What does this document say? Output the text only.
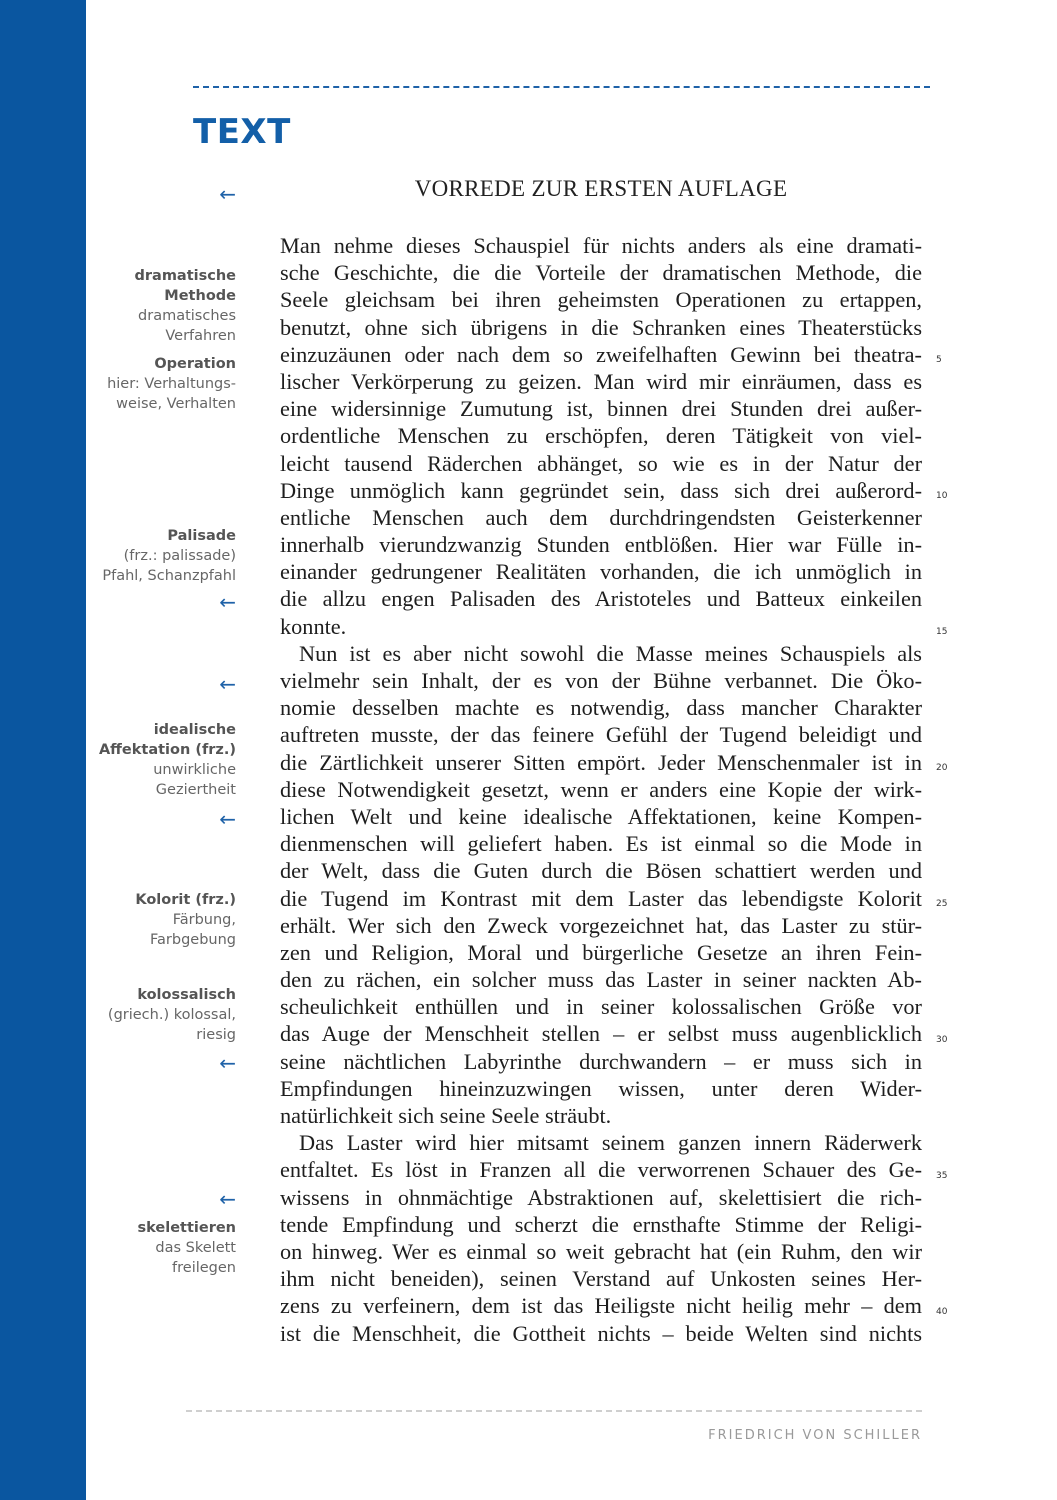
TEXT
←	VORREDE ZUR ERSTEN AUFLAGE
dramatische Methode
dramatisches
Verfahren
Operation
hier: Verhaltungs-
weise, Verhalten
Palisade
(frz.: palissade)
Pfahl, Schanzpfahl
←
←
idealische Affektation (frz.)
unwirkliche
Geziertheit
←
Kolorit (frz.)
Färbung,
Farbgebung
kolossalisch
(griech.) kolossal,
riesig
←
←
skelettieren
das Skelett
freilegen
Man nehme dieses Schauspiel für nichts anders als eine dramati-
sche Geschichte, die die Vorteile der dramatischen Methode, die
Seele gleichsam bei ihren geheimsten Operationen zu ertappen,
benutzt, ohne sich übrigens in die Schranken eines Theaterstücks
einzuzäunen oder nach dem so zweifelhaften Gewinn bei theatra-
lischer Verkörperung zu geizen. Man wird mir einräumen, dass es
eine widersinnige Zumutung ist, binnen drei Stunden drei außer-
ordentliche Menschen zu erschöpfen, deren Tätigkeit von viel-
leicht tausend Räderchen abhänget, so wie es in der Natur der
Dinge unmöglich kann gegründet sein, dass sich drei außerord-
entliche Menschen auch dem durchdringendsten Geisterkenner
innerhalb vierundzwanzig Stunden entblößen. Hier war Fülle in-
einander gedrungener Realitäten vorhanden, die ich unmöglich in
die allzu engen Palisaden des Aristoteles und Batteux einkeilen
konnte.
Nun ist es aber nicht sowohl die Masse meines Schauspiels als
vielmehr sein Inhalt, der es von der Bühne verbannet. Die Öko-
nomie desselben machte es notwendig, dass mancher Charakter
auftreten musste, der das feinere Gefühl der Tugend beleidigt und
die Zärtlichkeit unserer Sitten empört. Jeder Menschenmaler ist in
diese Notwendigkeit gesetzt, wenn er anders eine Kopie der wirk-
lichen Welt und keine idealische Affektationen, keine Kompen-
dienmenschen will geliefert haben. Es ist einmal so die Mode in
der Welt, dass die Guten durch die Bösen schattiert werden und
die Tugend im Kontrast mit dem Laster das lebendigste Kolorit
erhält. Wer sich den Zweck vorgezeichnet hat, das Laster zu stür-
zen und Religion, Moral und bürgerliche Gesetze an ihren Fein-
den zu rächen, ein solcher muss das Laster in seiner nackten Ab-
scheulichkeit enthüllen und in seiner kolossalischen Größe vor
das Auge der Menschheit stellen – er selbst muss augenblicklich
seine nächtlichen Labyrinthe durchwandern – er muss sich in
Empfindungen hineinzuzwingen wissen, unter deren Wider-
natürlichkeit sich seine Seele sträubt.
Das Laster wird hier mitsamt seinem ganzen innern Räderwerk
entfaltet. Es löst in Franzen all die verworrenen Schauer des Ge-
wissens in ohnmächtige Abstraktionen auf, skelettisiert die rich-
tende Empfindung und scherzt die ernsthafte Stimme der Religi-
on hinweg. Wer es einmal so weit gebracht hat (ein Ruhm, den wir
ihm nicht beneiden), seinen Verstand auf Unkosten seines Her-
zens zu verfeinern, dem ist das Heiligste nicht heilig mehr – dem
ist die Menschheit, die Gottheit nichts – beide Welten sind nichts
5
10
15
20
25
30
35
40
FRIEDRICH VON SCHILLER
